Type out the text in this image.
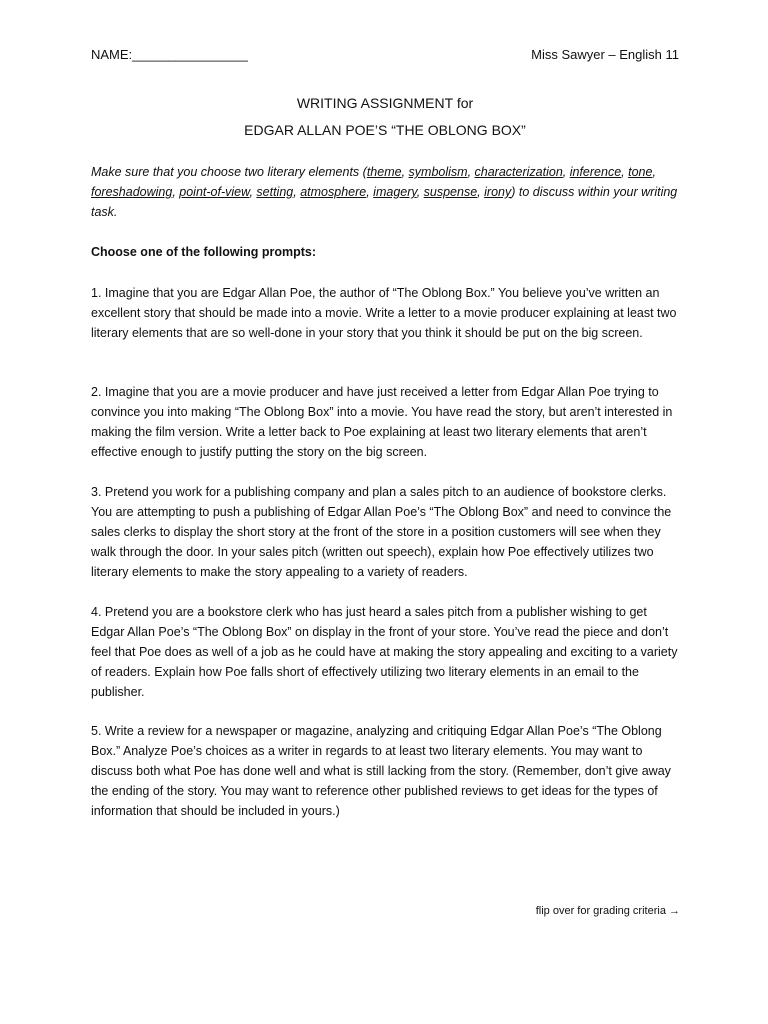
NAME:________________	Miss Sawyer – English 11
WRITING ASSIGNMENT for
EDGAR ALLAN POE’S “THE OBLONG BOX”
Make sure that you choose two literary elements (theme, symbolism, characterization, inference, tone, foreshadowing, point-of-view, setting, atmosphere, imagery, suspense, irony) to discuss within your writing task.
Choose one of the following prompts:
1. Imagine that you are Edgar Allan Poe, the author of “The Oblong Box.” You believe you’ve written an excellent story that should be made into a movie. Write a letter to a movie producer explaining at least two literary elements that are so well-done in your story that you think it should be put on the big screen.
2. Imagine that you are a movie producer and have just received a letter from Edgar Allan Poe trying to convince you into making “The Oblong Box” into a movie. You have read the story, but aren’t interested in making the film version. Write a letter back to Poe explaining at least two literary elements that aren’t effective enough to justify putting the story on the big screen.
3. Pretend you work for a publishing company and plan a sales pitch to an audience of bookstore clerks. You are attempting to push a publishing of Edgar Allan Poe’s “The Oblong Box” and need to convince the sales clerks to display the short story at the front of the store in a position customers will see when they walk through the door. In your sales pitch (written out speech), explain how Poe effectively utilizes two literary elements to make the story appealing to a variety of readers.
4. Pretend you are a bookstore clerk who has just heard a sales pitch from a publisher wishing to get Edgar Allan Poe’s “The Oblong Box” on display in the front of your store. You’ve read the piece and don’t feel that Poe does as well of a job as he could have at making the story appealing and exciting to a variety of readers. Explain how Poe falls short of effectively utilizing two literary elements in an email to the publisher.
5. Write a review for a newspaper or magazine, analyzing and critiquing Edgar Allan Poe’s “The Oblong Box.” Analyze Poe’s choices as a writer in regards to at least two literary elements. You may want to discuss both what Poe has done well and what is still lacking from the story. (Remember, don’t give away the ending of the story. You may want to reference other published reviews to get ideas for the types of information that should be included in yours.)
flip over for grading criteria →
